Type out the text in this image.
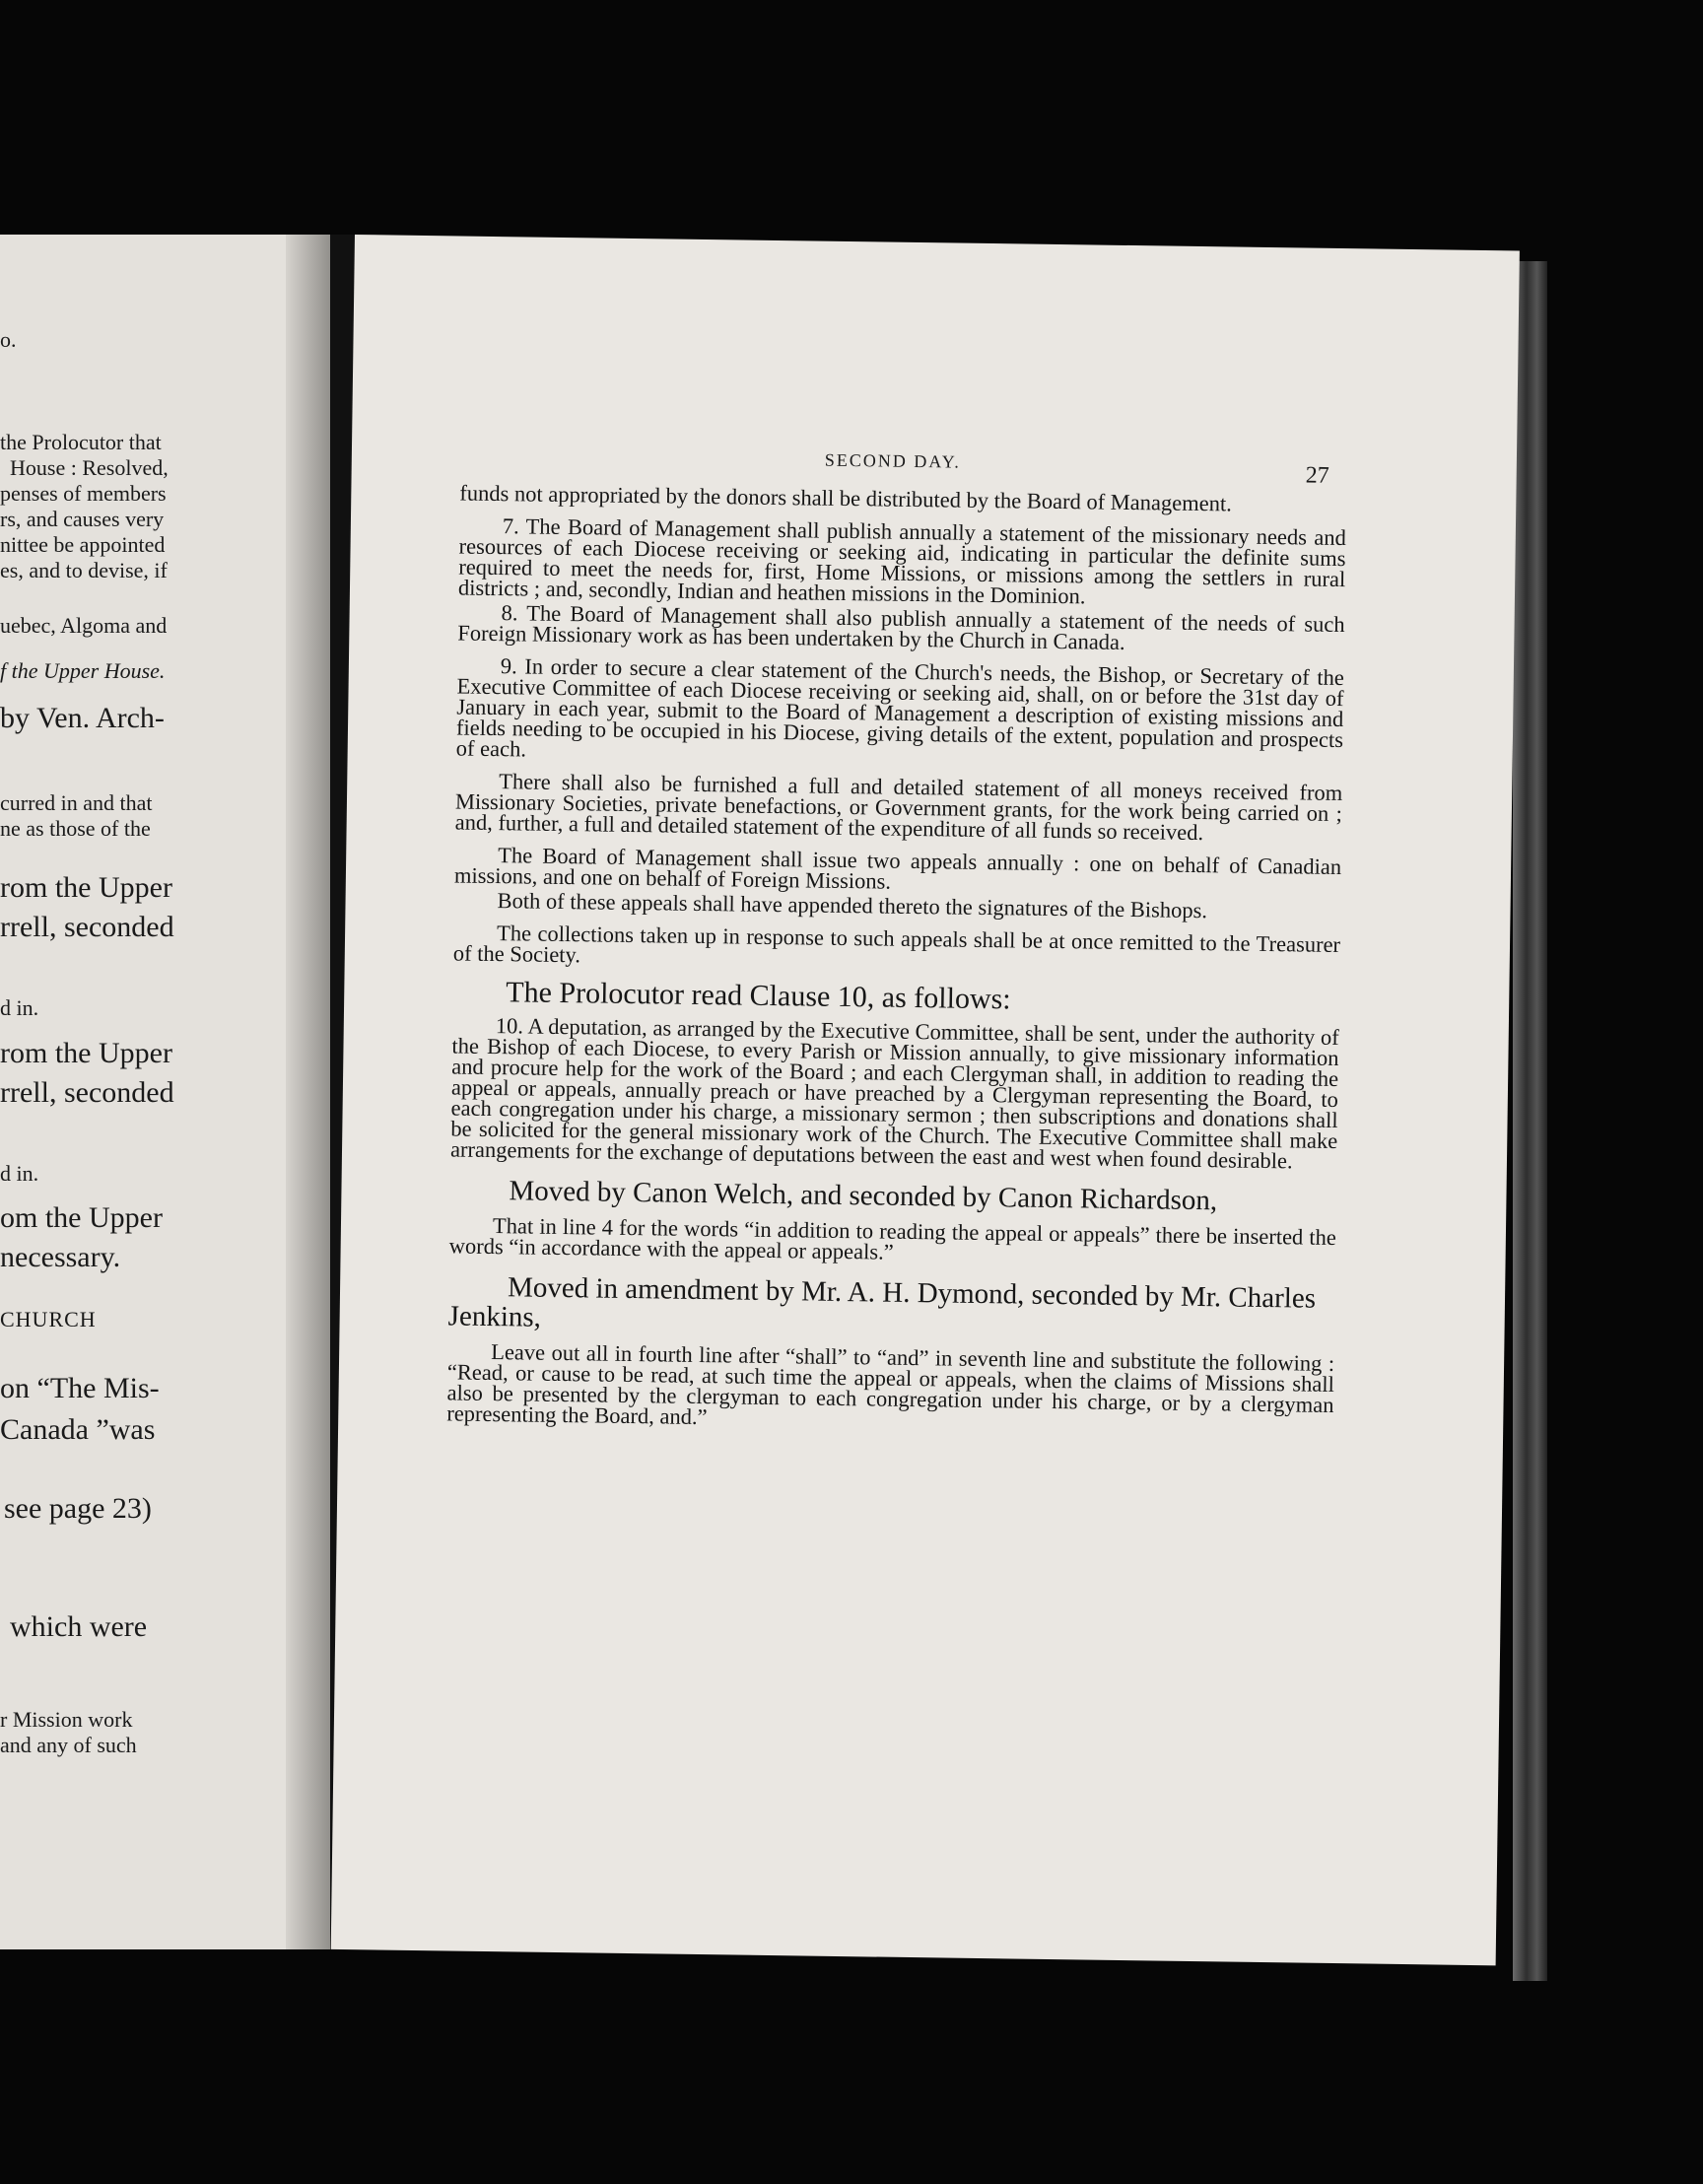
o.
the Prolocutor that
House : Resolved,
penses of members
rs, and causes very
nittee be appointed
es, and to devise, if
uebec, Algoma and
f the Upper House.
by Ven. Arch-
curred in and that
ne as those of the
rom the Upper
rrell, seconded
d in.
rom the Upper
rrell, seconded
d in.
om the Upper
necessary.
CHURCH
on “The Mis-
Canada ”was
see page 23)
which were
r Mission work
and any of such
SECOND DAY.
27

funds not appropriated by the donors shall be distributed by the Board of Management.

7. The Board of Management shall publish annually a statement of the missionary needs and resources of each Diocese receiving or seeking aid, indicating in particular the definite sums required to meet the needs for, first, Home Missions, or missions among the settlers in rural districts ; and, secondly, Indian and heathen missions in the Dominion.

8. The Board of Management shall also publish annually a statement of the needs of such Foreign Missionary work as has been undertaken by the Church in Canada.

9. In order to secure a clear statement of the Church's needs, the Bishop, or Secretary of the Executive Committee of each Diocese receiving or seeking aid, shall, on or before the 31st day of January in each year, submit to the Board of Management a description of existing missions and fields needing to be occupied in his Diocese, giving details of the extent, population and prospects of each.

There shall also be furnished a full and detailed statement of all moneys received from Missionary Societies, private benefactions, or Government grants, for the work being carried on ; and, further, a full and detailed statement of the expenditure of all funds so received.

The Board of Management shall issue two appeals annually : one on behalf of Canadian missions, and one on behalf of Foreign Missions.

Both of these appeals shall have appended thereto the signatures of the Bishops.

The collections taken up in response to such appeals shall be at once remitted to the Treasurer of the Society.

The Prolocutor read Clause 10, as follows:

10. A deputation, as arranged by the Executive Committee, shall be sent, under the authority of the Bishop of each Diocese, to every Parish or Mission annually, to give missionary information and procure help for the work of the Board ; and each Clergyman shall, in addition to reading the appeal or appeals, annually preach or have preached by a Clergyman representing the Board, to each congregation under his charge, a missionary sermon ; then subscriptions and donations shall be solicited for the general missionary work of the Church. The Executive Committee shall make arrangements for the exchange of deputations between the east and west when found desirable.

Moved by Canon Welch, and seconded by Canon Richardson,

That in line 4 for the words “in addition to reading the appeal or appeals” there be inserted the words “in accordance with the appeal or appeals.”

Moved in amendment by Mr. A. H. Dymond, seconded by Mr. Charles Jenkins,

Leave out all in fourth line after “shall” to “and” in seventh line and substitute the following : “Read, or cause to be read, at such time the appeal or appeals, when the claims of Missions shall also be presented by the clergyman to each congregation under his charge, or by a clergyman representing the Board, and.”
